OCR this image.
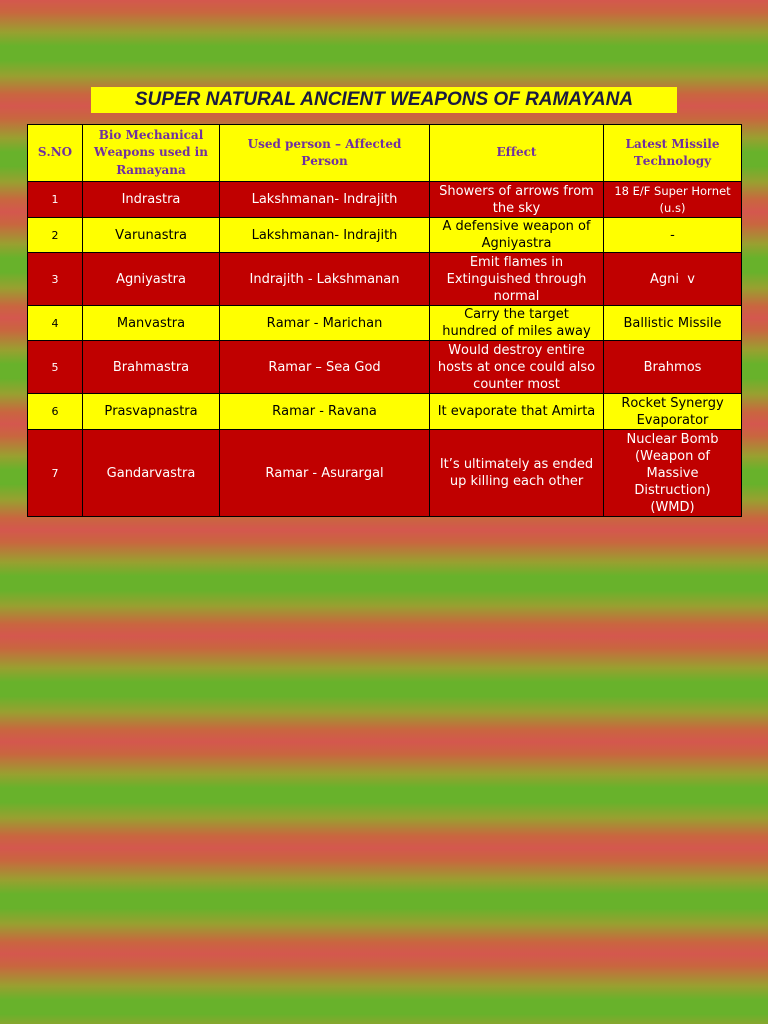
SUPER NATURAL ANCIENT WEAPONS OF RAMAYANA
S.NO	Bio Mechanical Weapons used in Ramayana	Used person – Affected Person	Effect	Latest Missile Technology
1	Indrastra	Lakshmanan- Indrajith	Showers of arrows from the sky	18 E/F Super Hornet (u.s)
2	Varunastra	Lakshmanan- Indrajith	A defensive weapon of Agniyastra	-
3	Agniyastra	Indrajith - Lakshmanan	Emit flames in Extinguished through normal	Agni  v
4	Manvastra	Ramar - Marichan	Carry the target hundred of miles away	Ballistic Missile
5	Brahmastra	Ramar – Sea God	Would destroy entire hosts at once could also counter most	Brahmos
6	Prasvapnastra	Ramar - Ravana	It evaporate that Amirta	Rocket Synergy Evaporator
7	Gandarvastra	Ramar - Asurargal	It’s ultimately as ended up killing each other	Nuclear Bomb (Weapon of Massive Distruction) (WMD)
